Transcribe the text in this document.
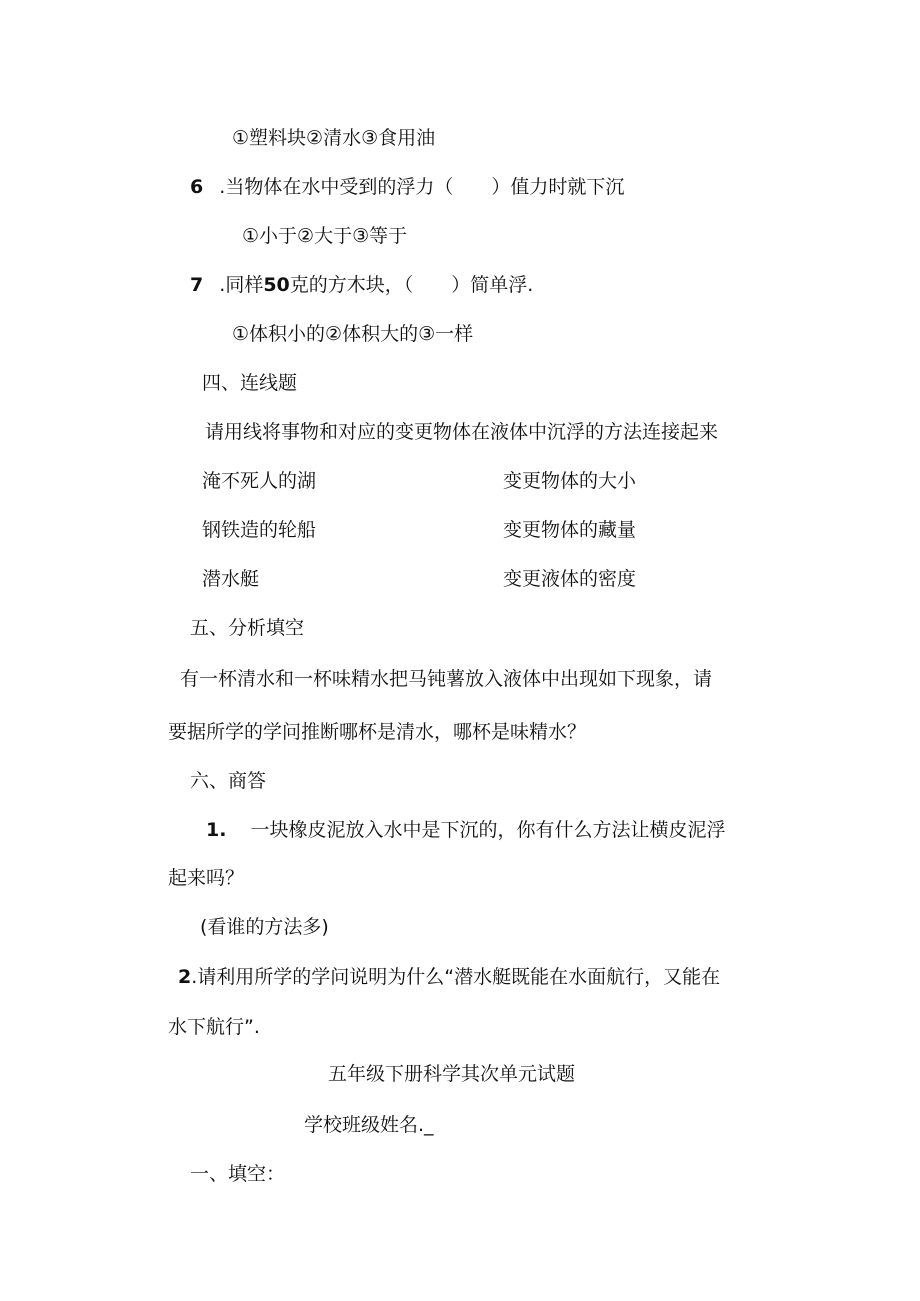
①塑料块②清水③食用油
6 .当物体在水中受到的浮力（　　）值力时就下沉
①小于②大于③等于
7 .同样50克的方木块，（　　）简单浮.
①体积小的②体积大的③一样
四、连线题
请用线将事物和对应的变更物体在液体中沉浮的方法连接起来
淹不死人的湖	变更物体的大小
钢铁造的轮船	变更物体的藏量
潜水艇	变更液体的密度
五、分析填空
有一杯清水和一杯味精水把马钝薯放入液体中出现如下现象，请
要据所学的学问推断哪杯是清水，哪杯是味精水？
六、商答
1. 一块橡皮泥放入水中是下沉的，你有什么方法让横皮泥浮
起来吗？
(看谁的方法多)
2.请利用所学的学问说明为什么“潜水艇既能在水面航行，又能在
水下航行”.
五年级下册科学其次单元试题
学校班级姓名._
一、填空：
